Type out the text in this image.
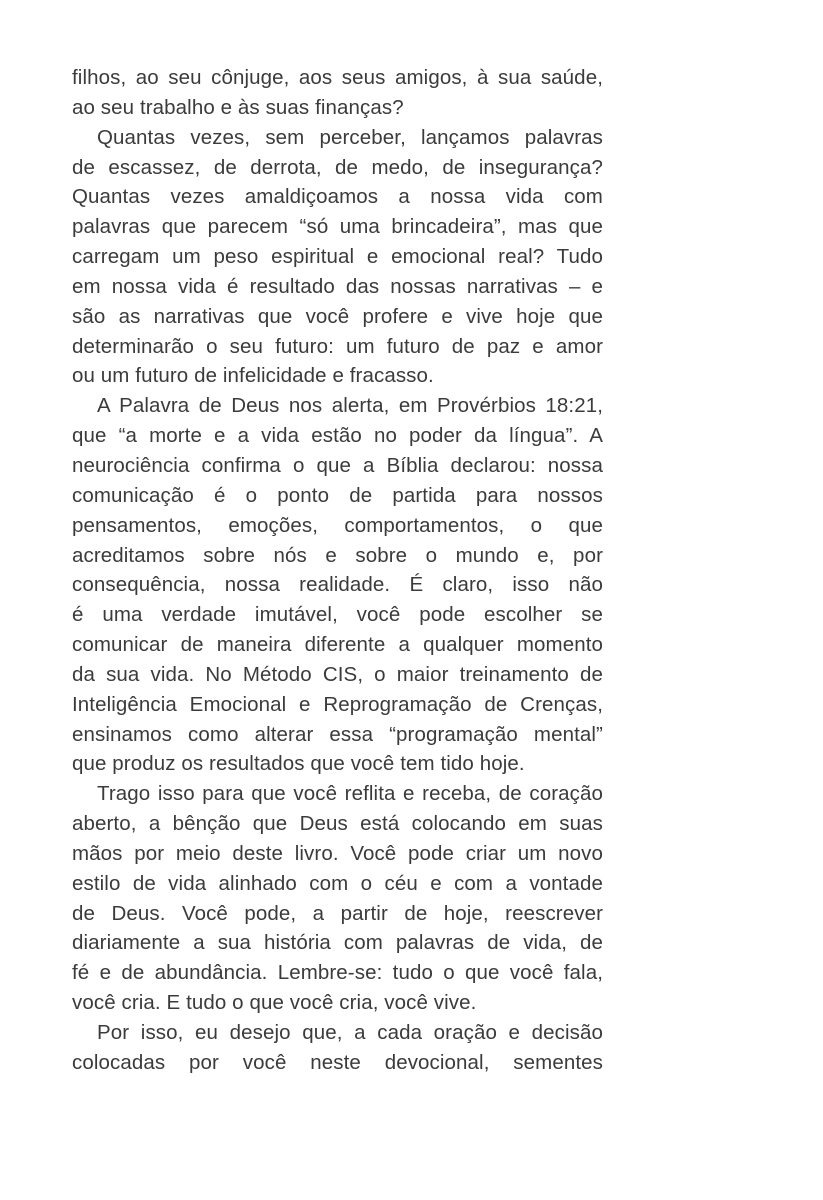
filhos, ao seu cônjuge, aos seus amigos, à sua saúde,
ao seu trabalho e às suas finanças?
Quantas vezes, sem perceber, lançamos palavras
de escassez, de derrota, de medo, de insegurança?
Quantas vezes amaldiçoamos a nossa vida com
palavras que parecem “só uma brincadeira”, mas que
carregam um peso espiritual e emocional real? Tudo
em nossa vida é resultado das nossas narrativas – e
são as narrativas que você profere e vive hoje que
determinarão o seu futuro: um futuro de paz e amor
ou um futuro de infelicidade e fracasso.
A Palavra de Deus nos alerta, em Provérbios 18:21,
que “a morte e a vida estão no poder da língua”. A
neurociência confirma o que a Bíblia declarou: nossa
comunicação é o ponto de partida para nossos
pensamentos, emoções, comportamentos, o que
acreditamos sobre nós e sobre o mundo e, por
consequência, nossa realidade. É claro, isso não
é uma verdade imutável, você pode escolher se
comunicar de maneira diferente a qualquer momento
da sua vida. No Método CIS, o maior treinamento de
Inteligência Emocional e Reprogramação de Crenças,
ensinamos como alterar essa “programação mental”
que produz os resultados que você tem tido hoje.
Trago isso para que você reflita e receba, de coração
aberto, a bênção que Deus está colocando em suas
mãos por meio deste livro. Você pode criar um novo
estilo de vida alinhado com o céu e com a vontade
de Deus. Você pode, a partir de hoje, reescrever
diariamente a sua história com palavras de vida, de
fé e de abundância. Lembre-se: tudo o que você fala,
você cria. E tudo o que você cria, você vive.
Por isso, eu desejo que, a cada oração e decisão
colocadas por você neste devocional, sementes
